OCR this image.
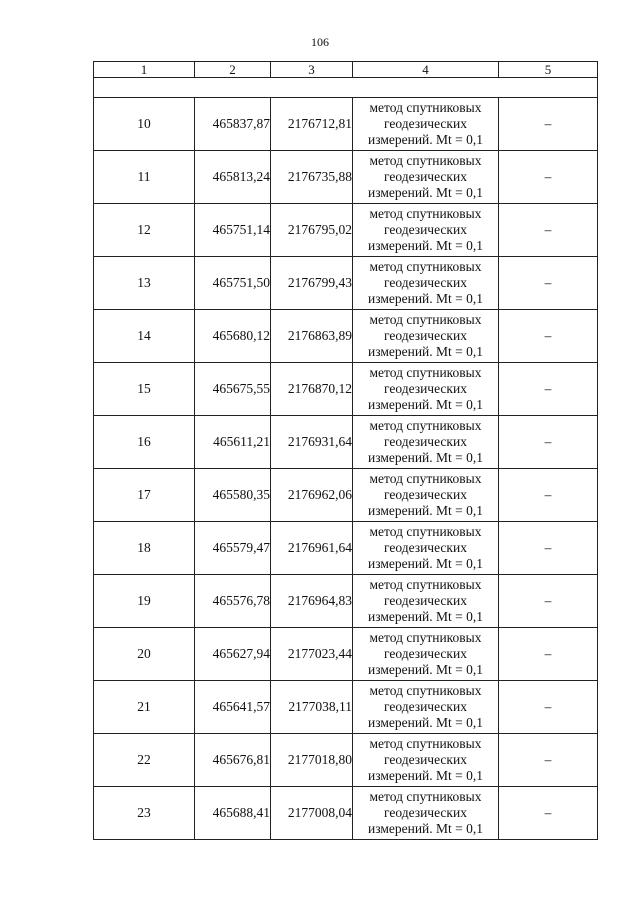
106
1	2	3	4	5

10	465837,87	2176712,81	метод спутниковых
геодезических
измерений. Mt = 0,1	–
11	465813,24	2176735,88	метод спутниковых
геодезических
измерений. Mt = 0,1	–
12	465751,14	2176795,02	метод спутниковых
геодезических
измерений. Mt = 0,1	–
13	465751,50	2176799,43	метод спутниковых
геодезических
измерений. Mt = 0,1	–
14	465680,12	2176863,89	метод спутниковых
геодезических
измерений. Mt = 0,1	–
15	465675,55	2176870,12	метод спутниковых
геодезических
измерений. Mt = 0,1	–
16	465611,21	2176931,64	метод спутниковых
геодезических
измерений. Mt = 0,1	–
17	465580,35	2176962,06	метод спутниковых
геодезических
измерений. Mt = 0,1	–
18	465579,47	2176961,64	метод спутниковых
геодезических
измерений. Mt = 0,1	–
19	465576,78	2176964,83	метод спутниковых
геодезических
измерений. Mt = 0,1	–
20	465627,94	2177023,44	метод спутниковых
геодезических
измерений. Mt = 0,1	–
21	465641,57	2177038,11	метод спутниковых
геодезических
измерений. Mt = 0,1	–
22	465676,81	2177018,80	метод спутниковых
геодезических
измерений. Mt = 0,1	–
23	465688,41	2177008,04	метод спутниковых
геодезических
измерений. Mt = 0,1	–
